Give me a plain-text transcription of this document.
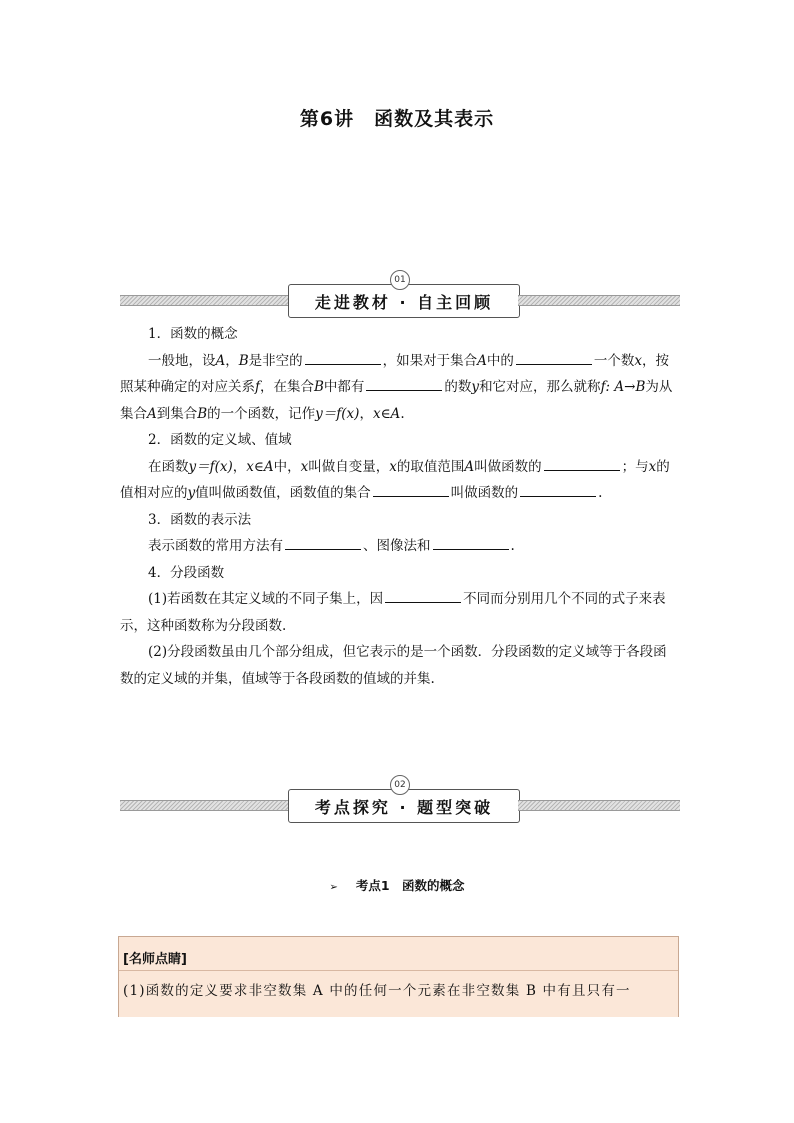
第6讲　函数及其表示
走进教材 · 自主回顾
01

1．函数的概念

一般地，设A，B是非空的	，如果对于集合A中的	一个数x，按照某种确定的对应关系f，在集合B中都有	的数y和它对应，那么就称f: A→B为从集合A到集合B的一个函数，记作y＝f(x)，x∈A.

2．函数的定义域、值域

在函数y＝f(x)，x∈A中，x叫做自变量，x的取值范围A叫做函数的	；与x的值相对应的y值叫做函数值，函数值的集合	叫做函数的	.

3．函数的表示法

表示函数的常用方法有	、图像法和	.

4．分段函数

(1)若函数在其定义域的不同子集上，因	不同而分别用几个不同的式子来表示，这种函数称为分段函数.

(2)分段函数虽由几个部分组成，但它表示的是一个函数．分段函数的定义域等于各段函数的定义域的并集，值域等于各段函数的值域的并集.

考点探究 · 题型突破
02
➢ 考点1　函数的概念
[名师点睛]
(1)函数的定义要求非空数集 A 中的任何一个元素在非空数集 B 中有且只有一
